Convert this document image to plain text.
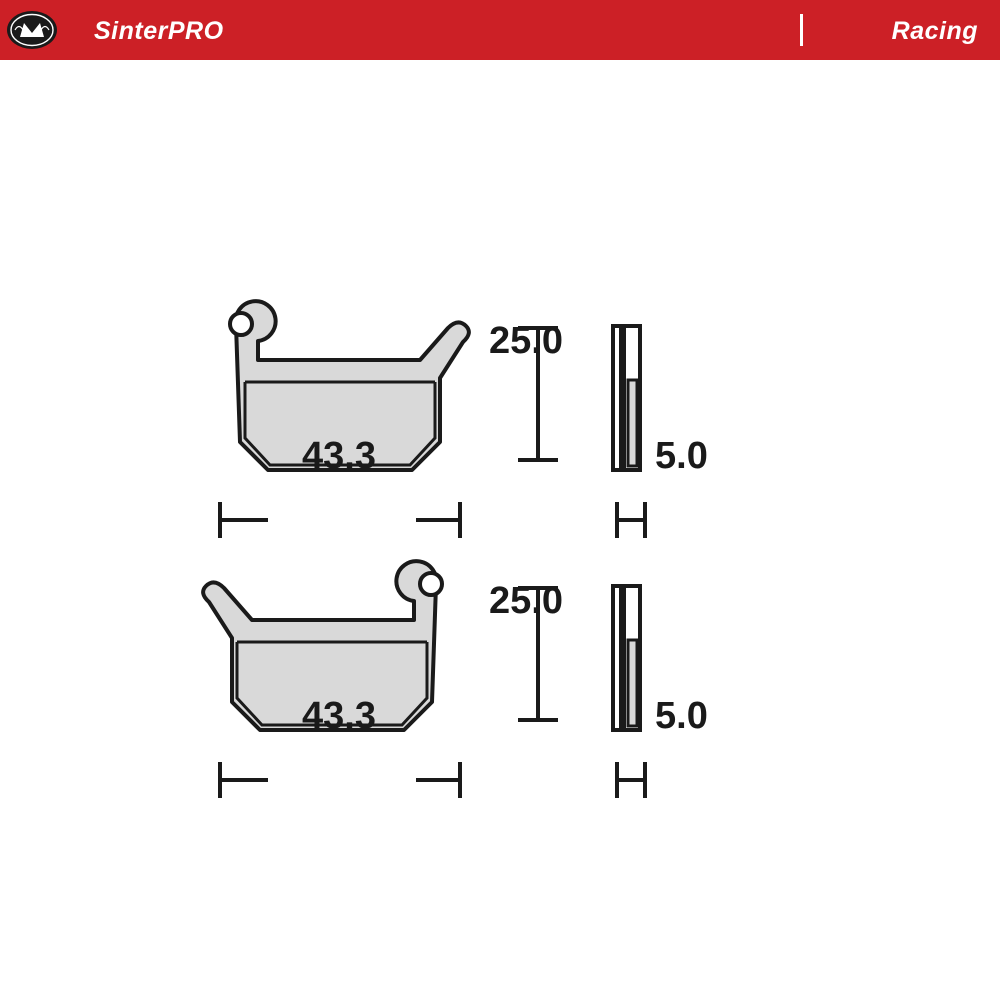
SinterPRO	Racing
25.0
43.3	5.0
25.0
43.3	5.0
